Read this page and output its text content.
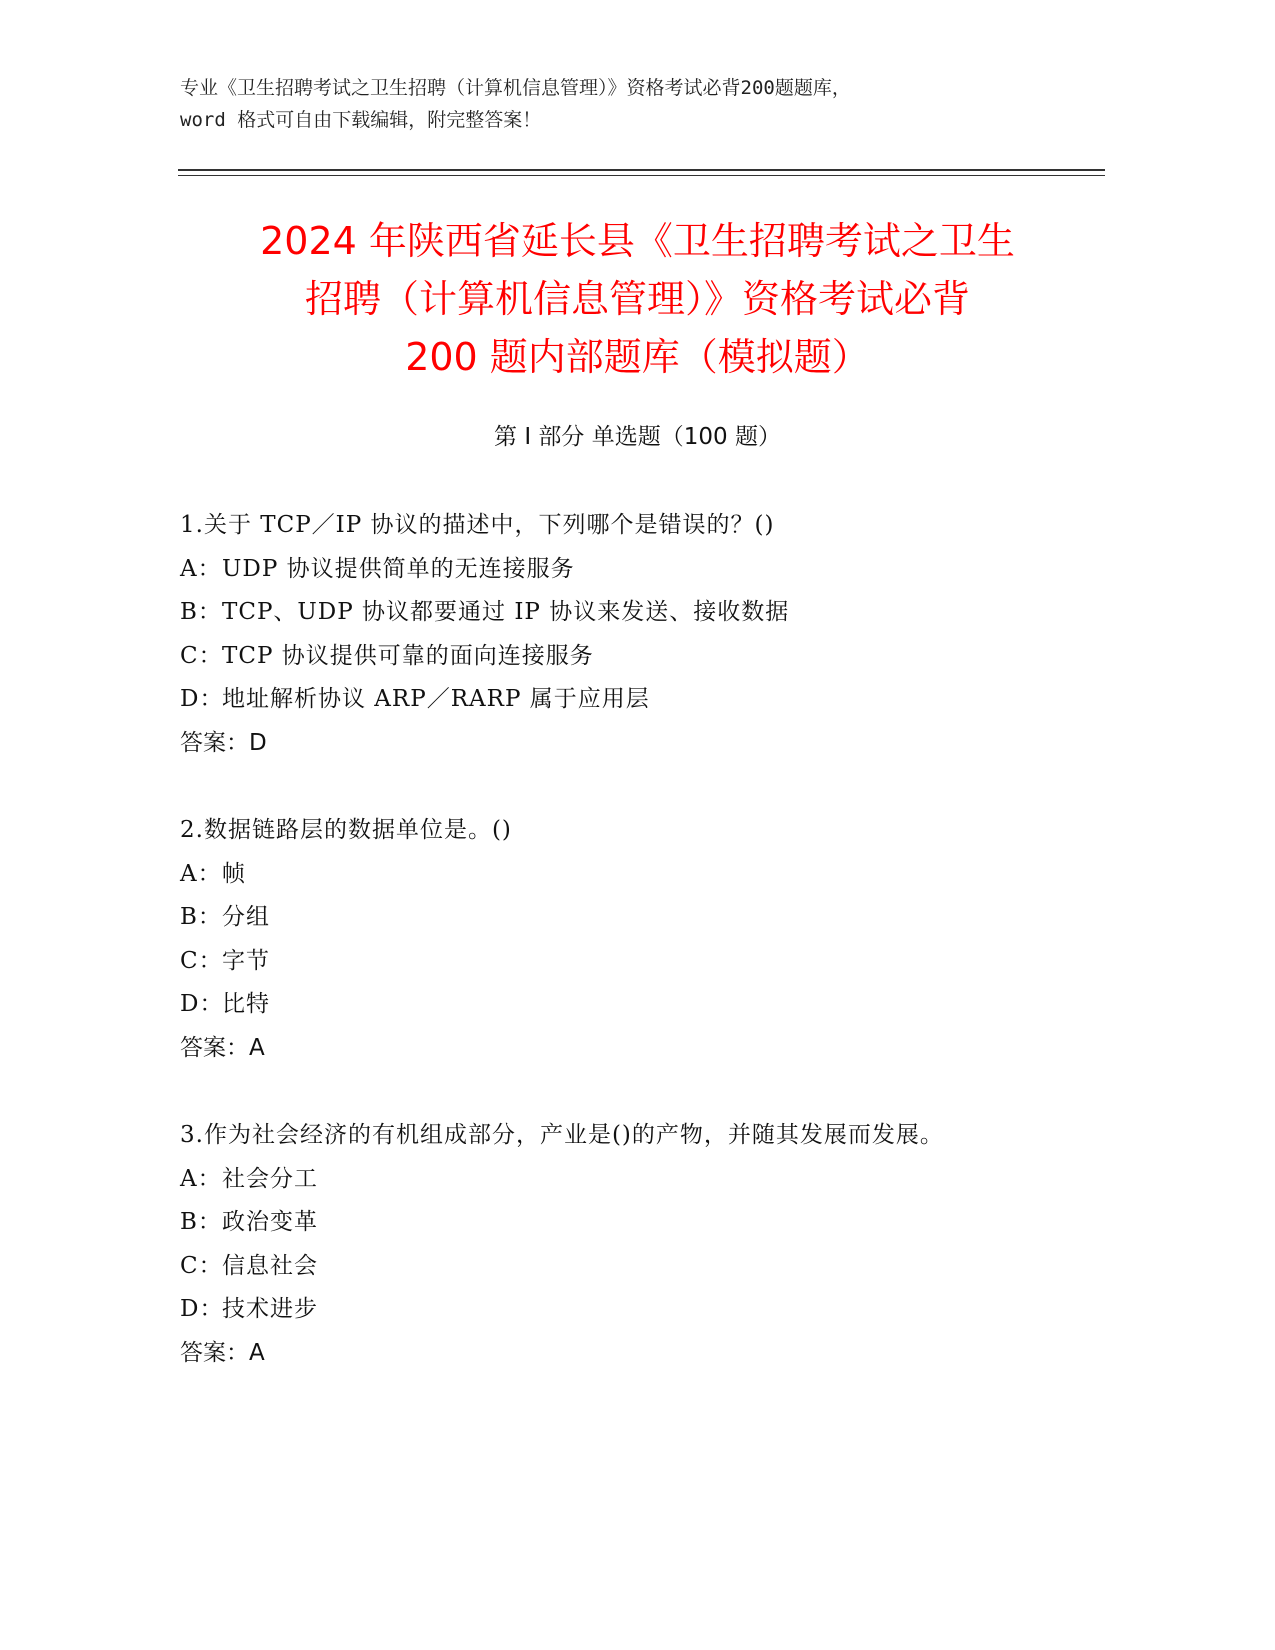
专业《卫生招聘考试之卫生招聘（计算机信息管理）》资格考试必背200题题库，
word 格式可自由下载编辑，附完整答案！
2024 年陕西省延长县《卫生招聘考试之卫生
招聘（计算机信息管理）》资格考试必背
200 题内部题库（模拟题）
第 I 部分 单选题（100 题）
1.关于 TCP／IP 协议的描述中，下列哪个是错误的？()
A：UDP 协议提供简单的无连接服务
B：TCP、UDP 协议都要通过 IP 协议来发送、接收数据
C：TCP 协议提供可靠的面向连接服务
D：地址解析协议 ARP／RARP 属于应用层
答案：D
2.数据链路层的数据单位是。()
A：帧
B：分组
C：字节
D：比特
答案：A
3.作为社会经济的有机组成部分，产业是()的产物，并随其发展而发展。
A：社会分工
B：政治变革
C：信息社会
D：技术进步
答案：A
